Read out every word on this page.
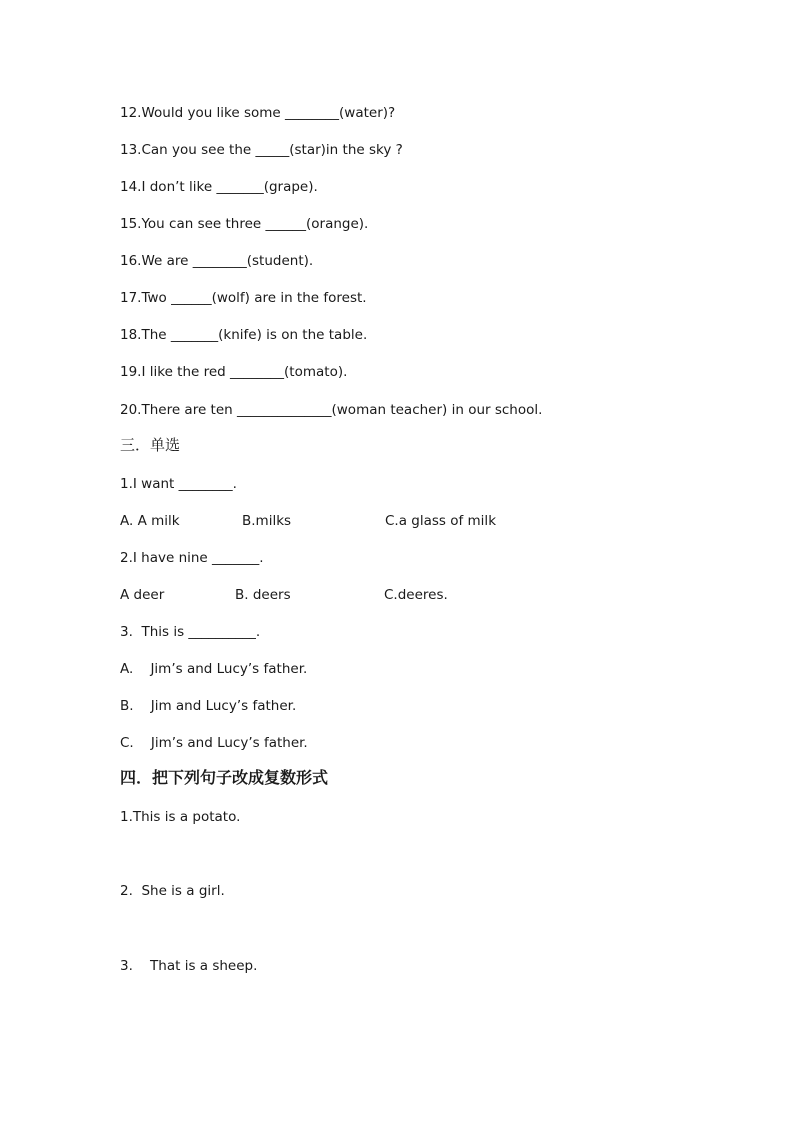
12.Would you like some ________(water)?
13.Can you see the _____(star)in the sky ?
14.I don’t like _______(grape).
15.You can see three ______(orange).
16.We are ________(student).
17.Two ______(wolf) are in the forest.
18.The _______(knife) is on the table.
19.I like the red ________(tomato).
20.There are ten ______________(woman teacher) in our school.
三．单选
1.I want ________.
A. A milk	B.milks	C.a glass of milk
2.I have nine _______.
A deer	B. deers	C.deeres.
3.  This is __________.
A.    Jim’s and Lucy’s father.
B.    Jim and Lucy’s father.
C.    Jim’s and Lucy’s father.
四．把下列句子改成复数形式
1.This is a potato.
2.  She is a girl.
3.    That is a sheep.
